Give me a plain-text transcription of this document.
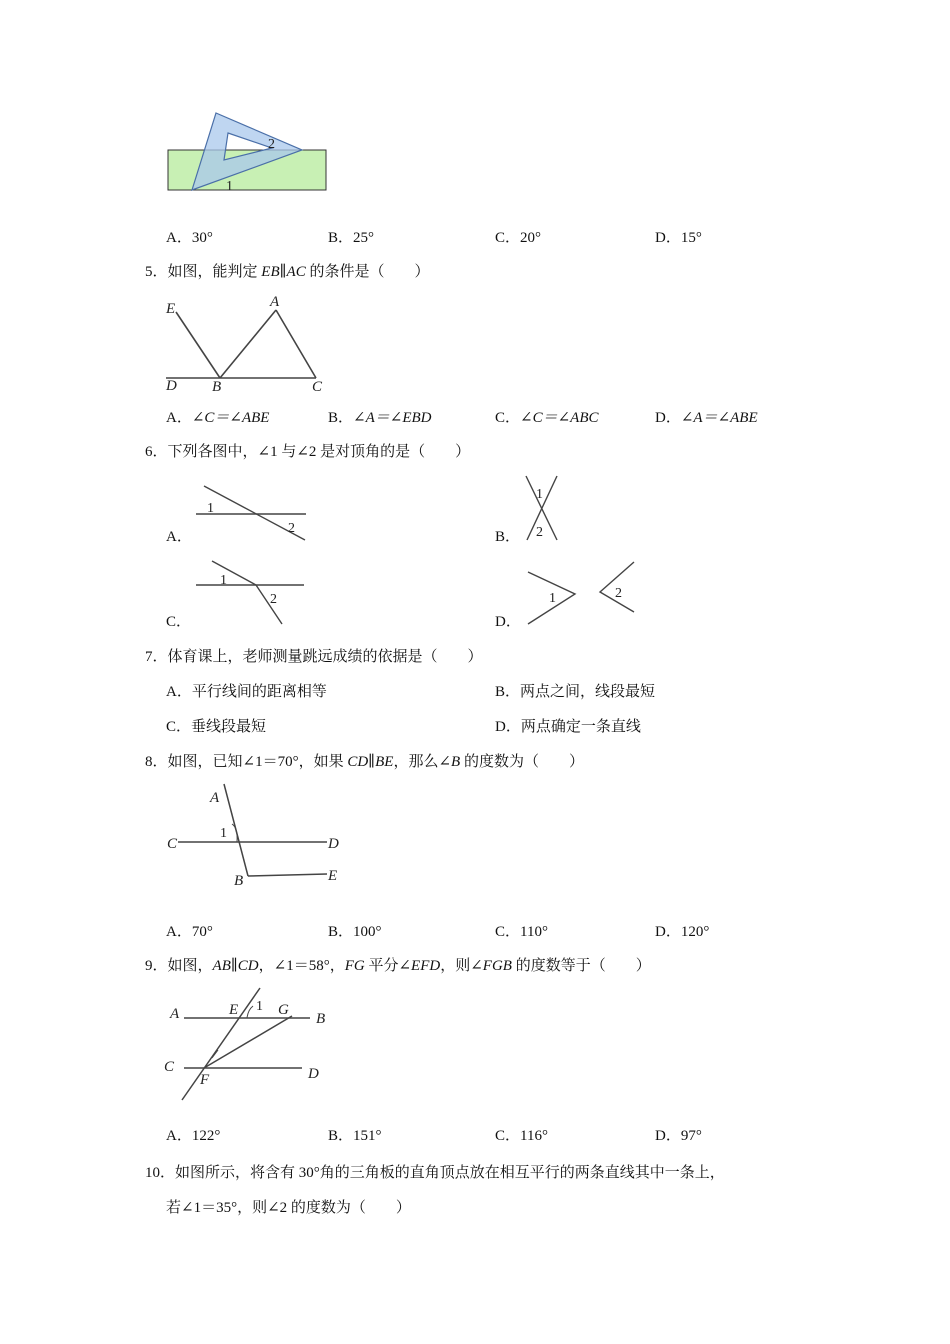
1
2
A．30°	B．25°	C．20°	D．15°
5．如图，能判定 EB∥AC 的条件是（　　）
E	A
D B	C
A．∠C＝∠ABE	B．∠A＝∠EBD	C．∠C＝∠ABC	D．∠A＝∠ABE
6．下列各图中，∠1 与∠2 是对顶角的是（　　）
1
2
A．
1
2
B．
1
2
C．
1	2
D．
7．体育课上，老师测量跳远成绩的依据是（　　）
A．平行线间的距离相等	B．两点之间，线段最短
C．垂线段最短	D．两点确定一条直线
8．如图，已知∠1＝70°，如果 CD∥BE，那么∠B 的度数为（　　）
A
1
C	D
B	E
A．70°	B．100°	C．110°	D．120°
9．如图，AB∥CD，∠1＝58°，FG 平分∠EFD，则∠FGB 的度数等于（　　）
A	E 1 G
B
C
F	D
A．122°	B．151°	C．116°	D．97°
10．如图所示，将含有 30°角的三角板的直角顶点放在相互平行的两条直线其中一条上，
若∠1＝35°，则∠2 的度数为（　　）
